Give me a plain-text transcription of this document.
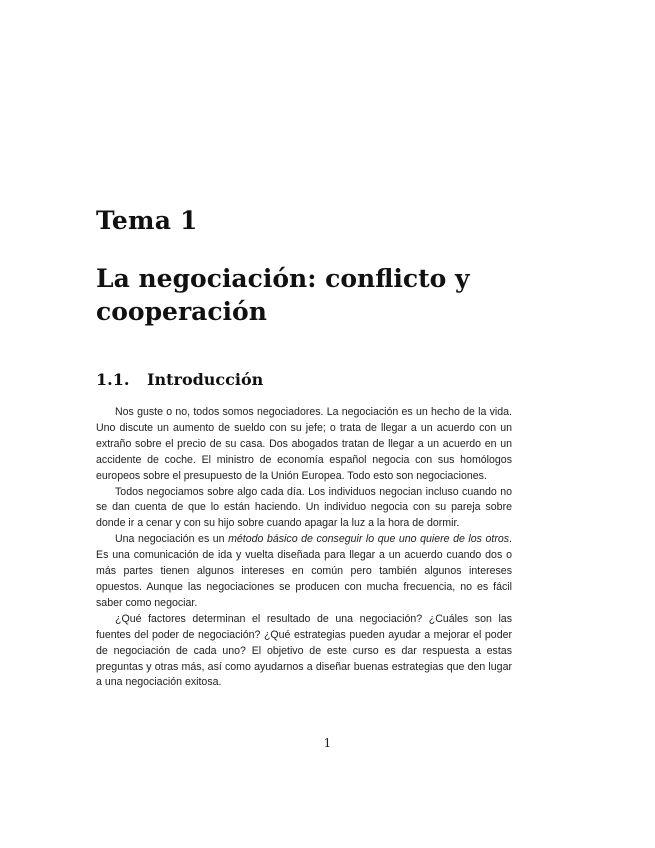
Tema 1
La negociación: conflicto y cooperación
1.1. Introducción

Nos guste o no, todos somos negociadores. La negociación es un hecho de la vida. Uno discute un aumento de sueldo con su jefe; o trata de llegar a un acuerdo con un extraño sobre el precio de su casa. Dos abogados tratan de llegar a un acuerdo en un accidente de coche. El ministro de economía español negocia con sus homólogos europeos sobre el presupuesto de la Unión Europea. Todo esto son negociaciones.

Todos negociamos sobre algo cada día. Los individuos negocian incluso cuando no se dan cuenta de que lo están haciendo. Un individuo negocia con su pareja sobre donde ir a cenar y con su hijo sobre cuando apagar la luz a la hora de dormir.

Una negociación es un método básico de conseguir lo que uno quiere de los otros. Es una comunicación de ida y vuelta diseñada para llegar a un acuerdo cuando dos o más partes tienen algunos intereses en común pero también algunos intereses opuestos. Aunque las negociaciones se producen con mucha frecuencia, no es fácil saber como negociar.

¿Qué factores determinan el resultado de una negociación? ¿Cuáles son las fuentes del poder de negociación? ¿Qué estrategias pueden ayudar a mejorar el poder de negociación de cada uno? El objetivo de este curso es dar respuesta a estas preguntas y otras más, así como ayudarnos a diseñar buenas estrategias que den lugar a una negociación exitosa.

1
